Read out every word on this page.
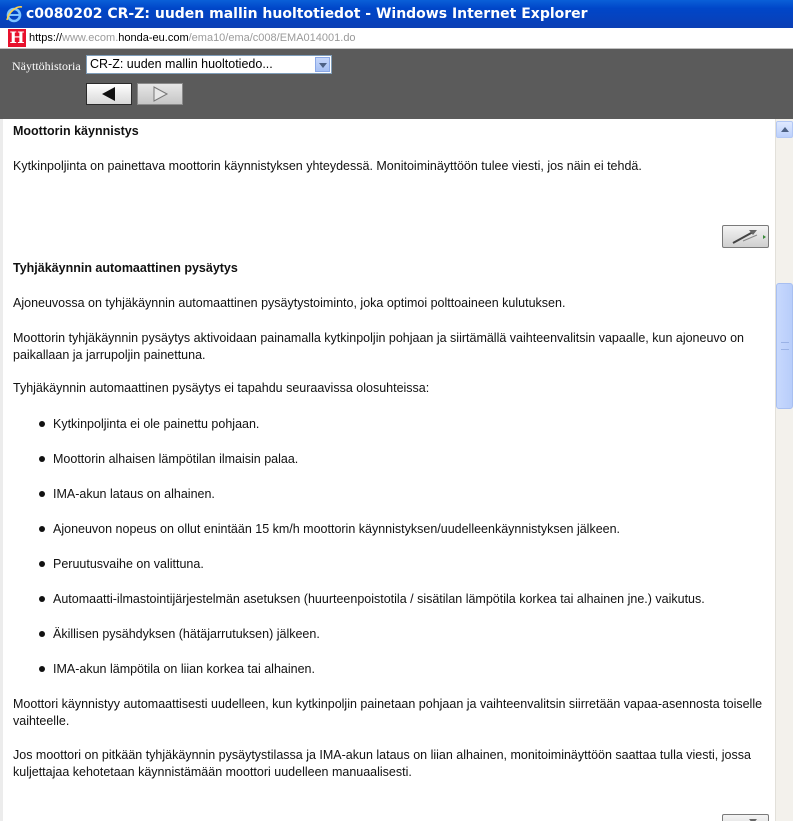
c0080202 CR-Z: uuden mallin huoltotiedot - Windows Internet Explorer
H https://www.ecom.honda-eu.com/ema10/ema/c008/EMA014001.do
Näyttöhistoria CR-Z: uuden mallin huoltotiedo...
Moottorin käynnistys
Kytkinpoljinta on painettava moottorin käynnistyksen yhteydessä. Monitoiminäyttöön tulee viesti, jos näin ei tehdä.
Tyhjäkäynnin automaattinen pysäytys
Ajoneuvossa on tyhjäkäynnin automaattinen pysäytystoiminto, joka optimoi polttoaineen kulutuksen.
Moottorin tyhjäkäynnin pysäytys aktivoidaan painamalla kytkinpoljin pohjaan ja siirtämällä vaihteenvalitsin vapaalle, kun ajoneuvo on paikallaan ja jarrupoljin painettuna.
Tyhjäkäynnin automaattinen pysäytys ei tapahdu seuraavissa olosuhteissa:
Kytkinpoljinta ei ole painettu pohjaan.
Moottorin alhaisen lämpötilan ilmaisin palaa.
IMA-akun lataus on alhainen.
Ajoneuvon nopeus on ollut enintään 15 km/h moottorin käynnistyksen/uudelleenkäynnistyksen jälkeen.
Peruutusvaihe on valittuna.
Automaatti-ilmastointijärjestelmän asetuksen (huurteenpoistotila / sisätilan lämpötila korkea tai alhainen jne.) vaikutus.
Äkillisen pysähdyksen (hätäjarrutuksen) jälkeen.
IMA-akun lämpötila on liian korkea tai alhainen.
Moottori käynnistyy automaattisesti uudelleen, kun kytkinpoljin painetaan pohjaan ja vaihteenvalitsin siirretään vapaa-asennosta toiselle vaihteelle.
Jos moottori on pitkään tyhjäkäynnin pysäytystilassa ja IMA-akun lataus on liian alhainen, monitoiminäyttöön saattaa tulla viesti, jossa kuljettajaa kehotetaan käynnistämään moottori uudelleen manuaalisesti.
